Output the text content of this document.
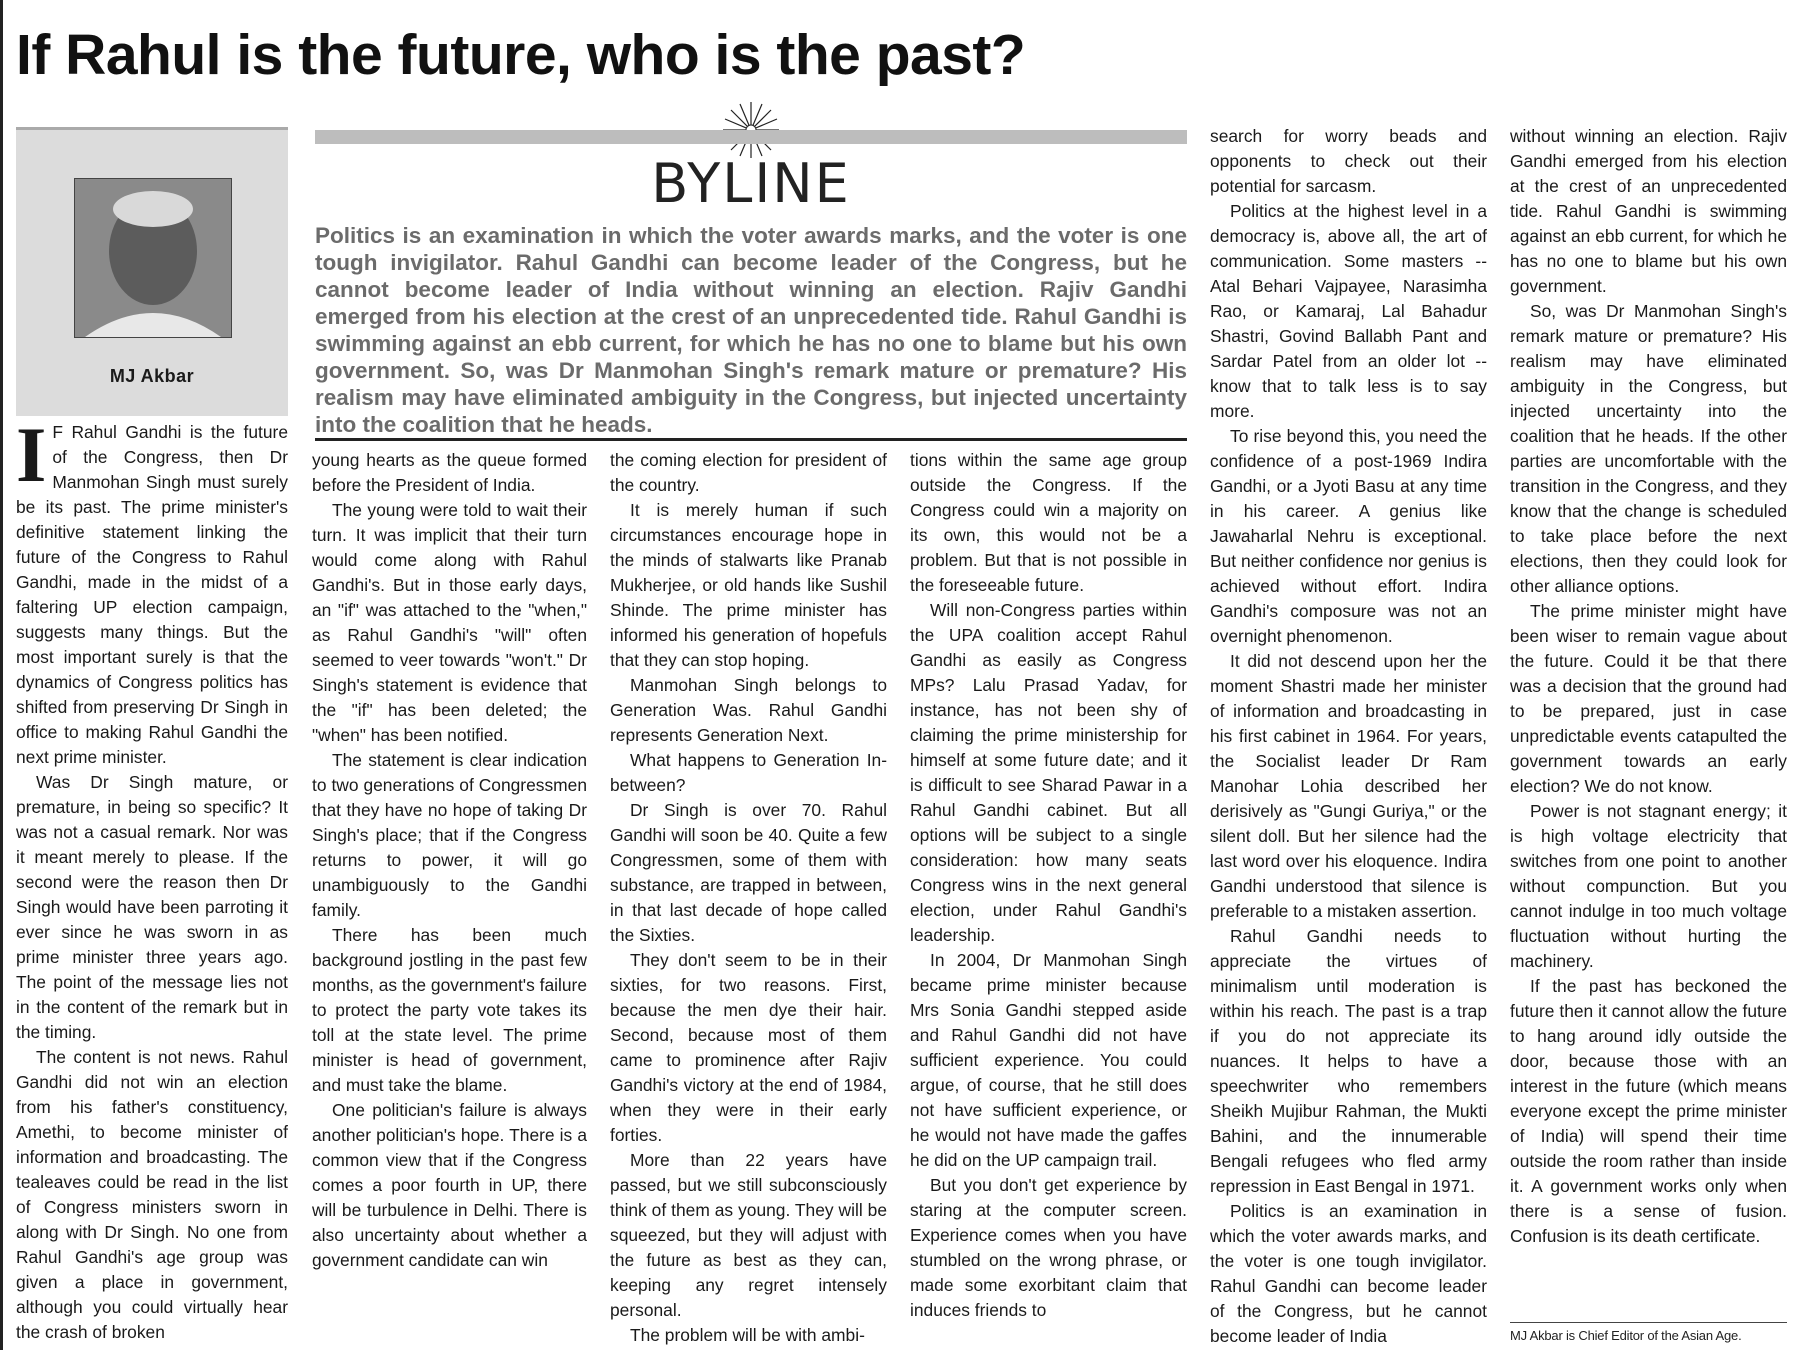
If Rahul is the future, who is the past?
MJ Akbar
BYLINE
Politics is an examination in which the voter awards marks, and the voter is one tough invigilator. Rahul Gandhi can become leader of the Congress, but he cannot become leader of India without winning an election. Rajiv Gandhi emerged from his election at the crest of an unprecedented tide. Rahul Gandhi is swimming against an ebb current, for which he has no one to blame but his own government. So, was Dr Manmohan Singh's remark mature or premature? His realism may have eliminated ambiguity in the Congress, but injected uncertainty into the coalition that he heads.
I F Rahul Gandhi is the future of the Congress, then Dr Manmohan Singh must surely be its past. The prime minister's definitive statement linking the future of the Congress to Rahul Gandhi, made in the midst of a faltering UP election campaign, suggests many things. But the most important surely is that the dynamics of Congress politics has shifted from preserving Dr Singh in office to making Rahul Gandhi the next prime minister.

Was Dr Singh mature, or premature, in being so specific? It was not a casual remark. Nor was it meant merely to please. If the second were the reason then Dr Singh would have been parroting it ever since he was sworn in as prime minister three years ago. The point of the message lies not in the content of the remark but in the timing.

The content is not news. Rahul Gandhi did not win an election from his father's constituency, Amethi, to become minister of information and broadcasting. The tealeaves could be read in the list of Congress ministers sworn in along with Dr Singh. No one from Rahul Gandhi's age group was given a place in government, although you could virtually hear the crash of broken

young hearts as the queue formed before the President of India.

The young were told to wait their turn. It was implicit that their turn would come along with Rahul Gandhi's. But in those early days, an "if" was attached to the "when," as Rahul Gandhi's "will" often seemed to veer towards "won't." Dr Singh's statement is evidence that the "if" has been deleted; the "when" has been notified.

The statement is clear indication to two generations of Congressmen that they have no hope of taking Dr Singh's place; that if the Congress returns to power, it will go unambiguously to the Gandhi family.

There has been much background jostling in the past few months, as the government's failure to protect the party vote takes its toll at the state level. The prime minister is head of government, and must take the blame.

One politician's failure is always another politician's hope. There is a common view that if the Congress comes a poor fourth in UP, there will be turbulence in Delhi. There is also uncertainty about whether a government candidate can win

the coming election for president of the country.

It is merely human if such circumstances encourage hope in the minds of stalwarts like Pranab Mukherjee, or old hands like Sushil Shinde. The prime minister has informed his generation of hopefuls that they can stop hoping.

Manmohan Singh belongs to Generation Was. Rahul Gandhi represents Generation Next.

What happens to Generation In-between?

Dr Singh is over 70. Rahul Gandhi will soon be 40. Quite a few Congressmen, some of them with substance, are trapped in between, in that last decade of hope called the Sixties.

They don't seem to be in their sixties, for two reasons. First, because the men dye their hair. Second, because most of them came to prominence after Rajiv Gandhi's victory at the end of 1984, when they were in their early forties.

More than 22 years have passed, but we still subconsciously think of them as young. They will be squeezed, but they will adjust with the future as best as they can, keeping any regret intensely personal.

The problem will be with ambi-

tions within the same age group outside the Congress. If the Congress could win a majority on its own, this would not be a problem. But that is not possible in the foreseeable future.

Will non-Congress parties within the UPA coalition accept Rahul Gandhi as easily as Congress MPs? Lalu Prasad Yadav, for instance, has not been shy of claiming the prime ministership for himself at some future date; and it is difficult to see Sharad Pawar in a Rahul Gandhi cabinet. But all options will be subject to a single consideration: how many seats Congress wins in the next general election, under Rahul Gandhi's leadership.

In 2004, Dr Manmohan Singh became prime minister because Mrs Sonia Gandhi stepped aside and Rahul Gandhi did not have sufficient experience. You could argue, of course, that he still does not have sufficient experience, or he would not have made the gaffes he did on the UP campaign trail.

But you don't get experience by staring at the computer screen. Experience comes when you have stumbled on the wrong phrase, or made some exorbitant claim that induces friends to

search for worry beads and opponents to check out their potential for sarcasm.

Politics at the highest level in a democracy is, above all, the art of communication. Some masters -- Atal Behari Vajpayee, Narasimha Rao, or Kamaraj, Lal Bahadur Shastri, Govind Ballabh Pant and Sardar Patel from an older lot -- know that to talk less is to say more.

To rise beyond this, you need the confidence of a post-1969 Indira Gandhi, or a Jyoti Basu at any time in his career. A genius like Jawaharlal Nehru is exceptional. But neither confidence nor genius is achieved without effort. Indira Gandhi's composure was not an overnight phenomenon.

It did not descend upon her the moment Shastri made her minister of information and broadcasting in his first cabinet in 1964. For years, the Socialist leader Dr Ram Manohar Lohia described her derisively as "Gungi Guriya," or the silent doll. But her silence had the last word over his eloquence. Indira Gandhi understood that silence is preferable to a mistaken assertion.

Rahul Gandhi needs to appreciate the virtues of minimalism until moderation is within his reach. The past is a trap if you do not appreciate its nuances. It helps to have a speechwriter who remembers Sheikh Mujibur Rahman, the Mukti Bahini, and the innumerable Bengali refugees who fled army repression in East Bengal in 1971.

Politics is an examination in which the voter awards marks, and the voter is one tough invigilator. Rahul Gandhi can become leader of the Congress, but he cannot become leader of India

without winning an election. Rajiv Gandhi emerged from his election at the crest of an unprecedented tide. Rahul Gandhi is swimming against an ebb current, for which he has no one to blame but his own government.

So, was Dr Manmohan Singh's remark mature or premature? His realism may have eliminated ambiguity in the Congress, but injected uncertainty into the coalition that he heads. If the other parties are uncomfortable with the transition in the Congress, and they know that the change is scheduled to take place before the next elections, then they could look for other alliance options.

The prime minister might have been wiser to remain vague about the future. Could it be that there was a decision that the ground had to be prepared, just in case unpredictable events catapulted the government towards an early election? We do not know.

Power is not stagnant energy; it is high voltage electricity that switches from one point to another without compunction. But you cannot indulge in too much voltage fluctuation without hurting the machinery.

If the past has beckoned the future then it cannot allow the future to hang around idly outside the door, because those with an interest in the future (which means everyone except the prime minister of India) will spend their time outside the room rather than inside it. A government works only when there is a sense of fusion. Confusion is its death certificate.

MJ Akbar is Chief Editor of the Asian Age.
